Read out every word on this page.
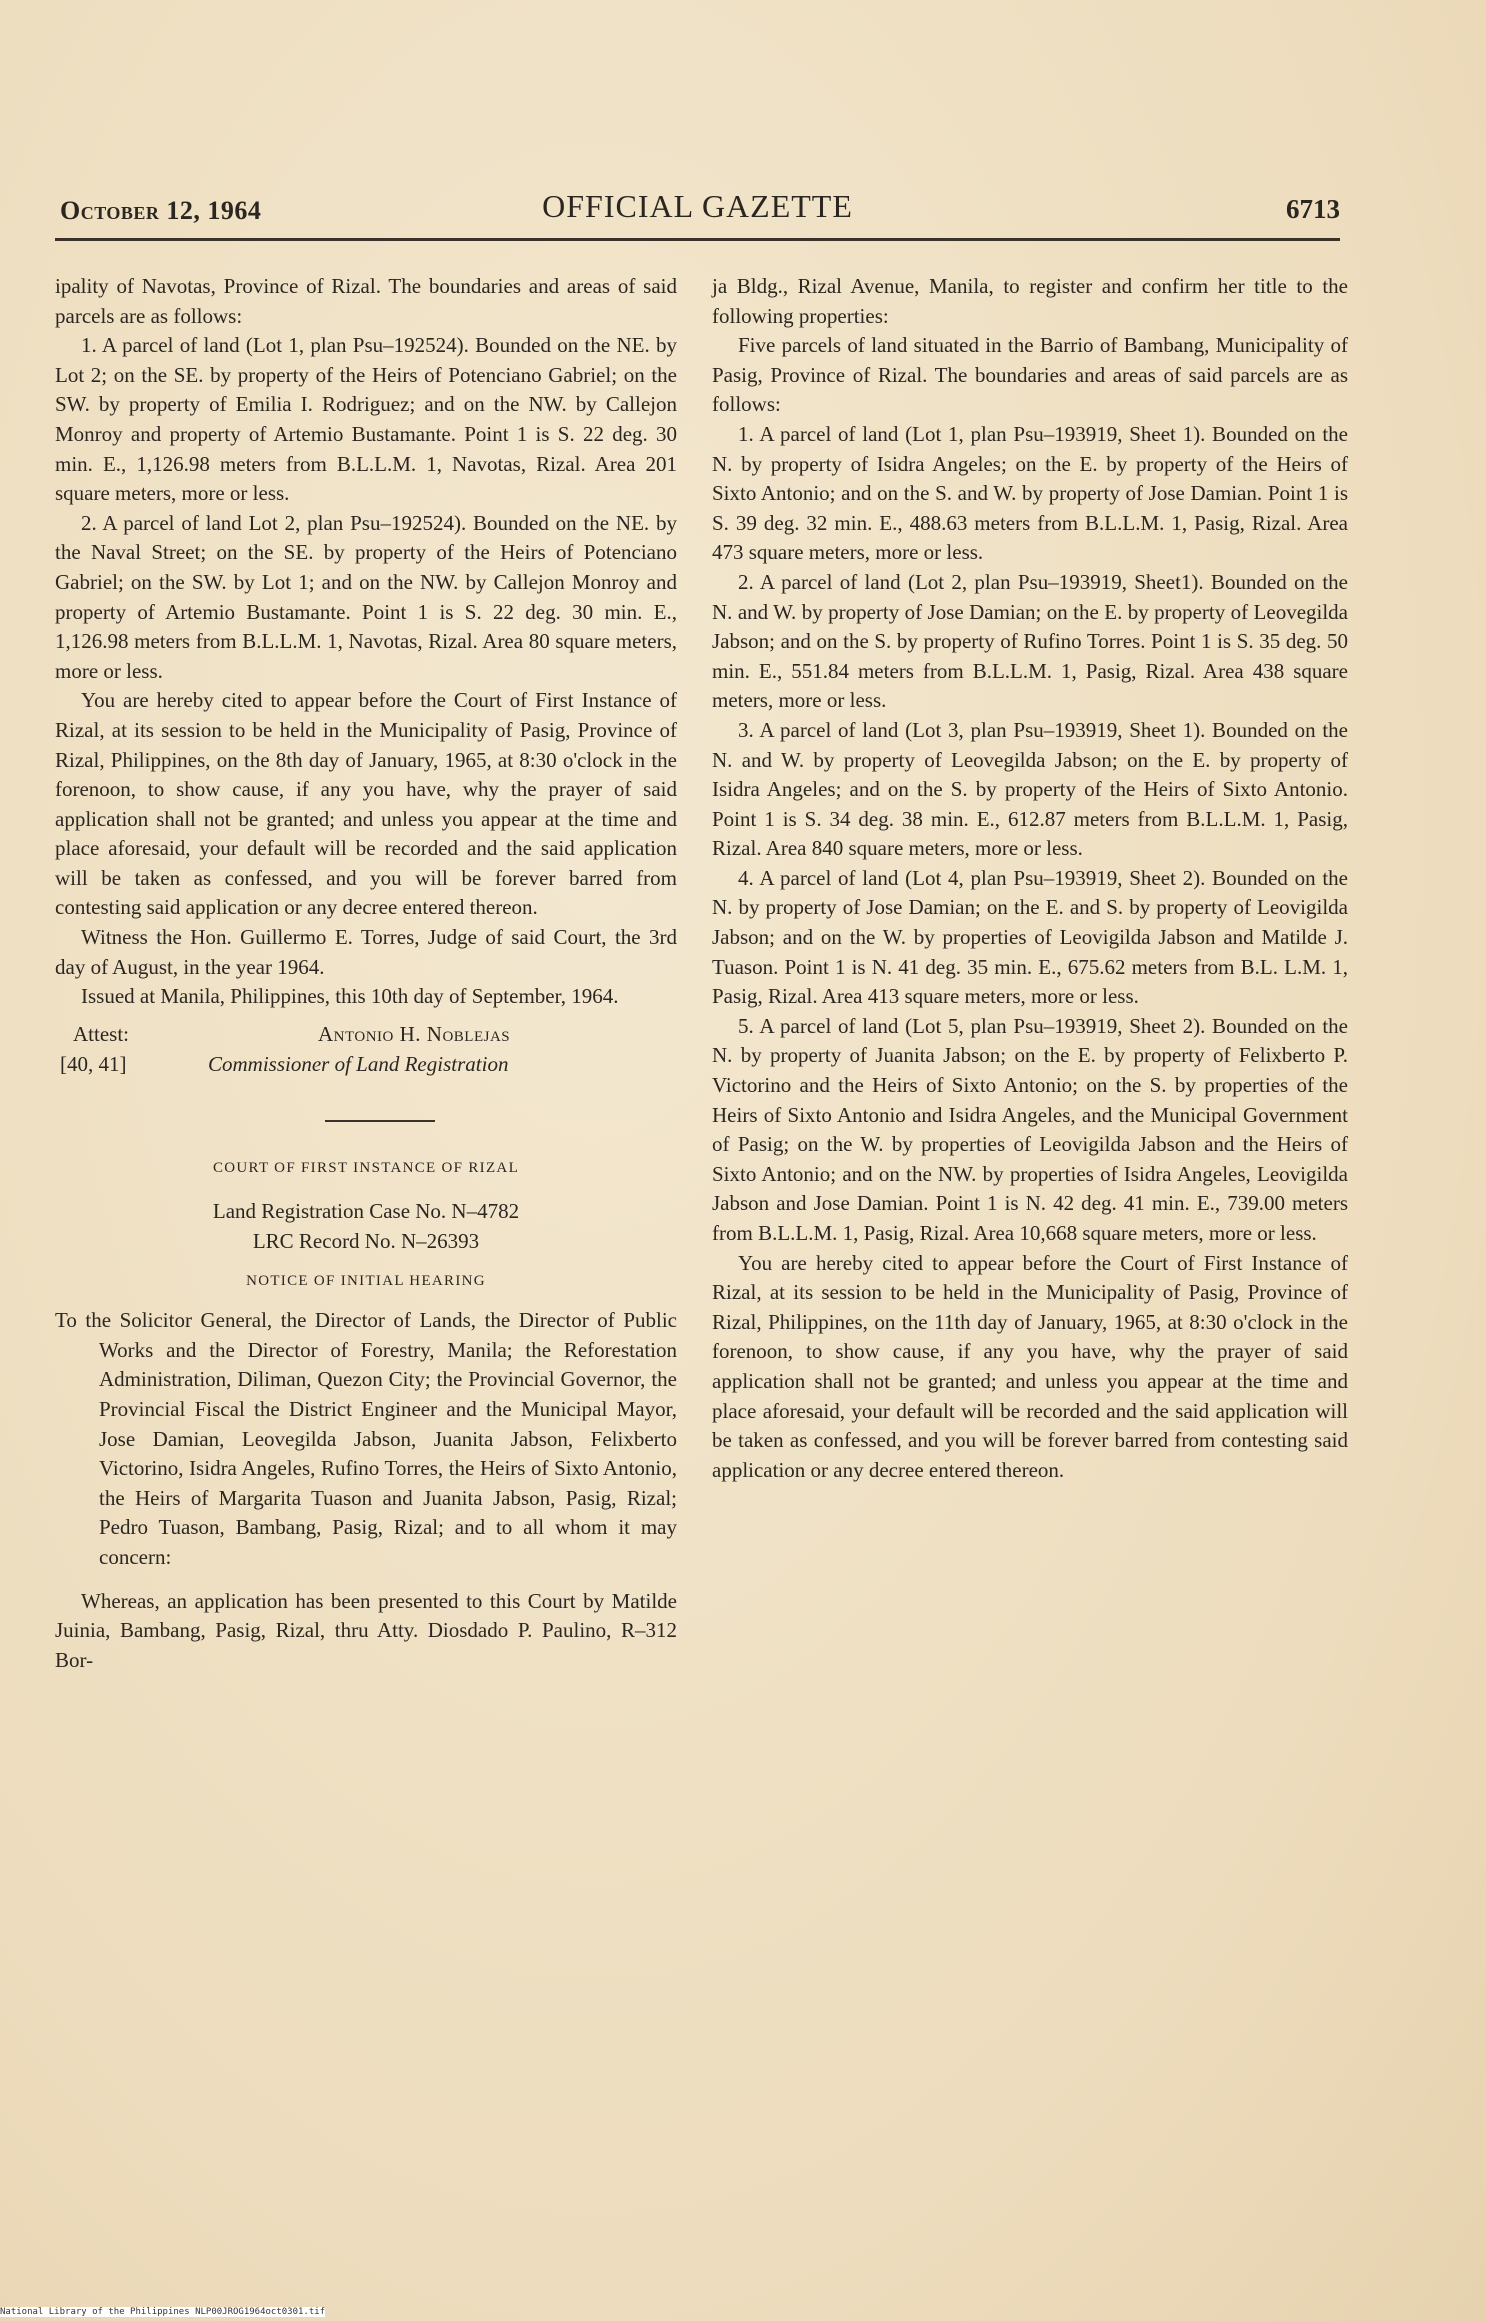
October 12, 1964	OFFICIAL GAZETTE	6713

ipality of Navotas, Province of Rizal. The boundaries and areas of said parcels are as follows:

1. A parcel of land (Lot 1, plan Psu–192524). Bounded on the NE. by Lot 2; on the SE. by property of the Heirs of Potenciano Gabriel; on the SW. by property of Emilia I. Rodriguez; and on the NW. by Callejon Monroy and property of Artemio Bustamante. Point 1 is S. 22 deg. 30 min. E., 1,126.98 meters from B.L.L.M. 1, Navotas, Rizal. Area 201 square meters, more or less.

2. A parcel of land Lot 2, plan Psu–192524). Bounded on the NE. by the Naval Street; on the SE. by property of the Heirs of Potenciano Gabriel; on the SW. by Lot 1; and on the NW. by Callejon Monroy and property of Artemio Bustamante. Point 1 is S. 22 deg. 30 min. E., 1,126.98 meters from B.L.L.M. 1, Navotas, Rizal. Area 80 square meters, more or less.

You are hereby cited to appear before the Court of First Instance of Rizal, at its session to be held in the Municipality of Pasig, Province of Rizal, Philippines, on the 8th day of January, 1965, at 8:30 o'clock in the forenoon, to show cause, if any you have, why the prayer of said application shall not be granted; and unless you appear at the time and place aforesaid, your default will be recorded and the said application will be taken as confessed, and you will be forever barred from contesting said application or any decree entered thereon.

Witness the Hon. Guillermo E. Torres, Judge of said Court, the 3rd day of August, in the year 1964.

Issued at Manila, Philippines, this 10th day of September, 1964.

Attest:	Antonio H. Noblejas
[40, 41]	Commissioner of Land Registration

COURT OF FIRST INSTANCE OF RIZAL

Land Registration Case No. N–4782

LRC Record No. N–26393

NOTICE OF INITIAL HEARING

To the Solicitor General, the Director of Lands, the Director of Public Works and the Director of Forestry, Manila; the Reforestation Administration, Diliman, Quezon City; the Provincial Governor, the Provincial Fiscal the District Engineer and the Municipal Mayor, Jose Damian, Leovegilda Jabson, Juanita Jabson, Felixberto Victorino, Isidra Angeles, Rufino Torres, the Heirs of Sixto Antonio, the Heirs of Margarita Tuason and Juanita Jabson, Pasig, Rizal; Pedro Tuason, Bambang, Pasig, Rizal; and to all whom it may concern:

Whereas, an application has been presented to this Court by Matilde Juinia, Bambang, Pasig, Rizal, thru Atty. Diosdado P. Paulino, R–312 Bor-

ja Bldg., Rizal Avenue, Manila, to register and confirm her title to the following properties:

Five parcels of land situated in the Barrio of Bambang, Municipality of Pasig, Province of Rizal. The boundaries and areas of said parcels are as follows:

1. A parcel of land (Lot 1, plan Psu–193919, Sheet 1). Bounded on the N. by property of Isidra Angeles; on the E. by property of the Heirs of Sixto Antonio; and on the S. and W. by property of Jose Damian. Point 1 is S. 39 deg. 32 min. E., 488.63 meters from B.L.L.M. 1, Pasig, Rizal. Area 473 square meters, more or less.

2. A parcel of land (Lot 2, plan Psu–193919, Sheet1). Bounded on the N. and W. by property of Jose Damian; on the E. by property of Leovegilda Jabson; and on the S. by property of Rufino Torres. Point 1 is S. 35 deg. 50 min. E., 551.84 meters from B.L.L.M. 1, Pasig, Rizal. Area 438 square meters, more or less.

3. A parcel of land (Lot 3, plan Psu–193919, Sheet 1). Bounded on the N. and W. by property of Leovegilda Jabson; on the E. by property of Isidra Angeles; and on the S. by property of the Heirs of Sixto Antonio. Point 1 is S. 34 deg. 38 min. E., 612.87 meters from B.L.L.M. 1, Pasig, Rizal. Area 840 square meters, more or less.

4. A parcel of land (Lot 4, plan Psu–193919, Sheet 2). Bounded on the N. by property of Jose Damian; on the E. and S. by property of Leovigilda Jabson; and on the W. by properties of Leovigilda Jabson and Matilde J. Tuason. Point 1 is N. 41 deg. 35 min. E., 675.62 meters from B.L. L.M. 1, Pasig, Rizal. Area 413 square meters, more or less.

5. A parcel of land (Lot 5, plan Psu–193919, Sheet 2). Bounded on the N. by property of Juanita Jabson; on the E. by property of Felixberto P. Victorino and the Heirs of Sixto Antonio; on the S. by properties of the Heirs of Sixto Antonio and Isidra Angeles, and the Municipal Government of Pasig; on the W. by properties of Leovigilda Jabson and the Heirs of Sixto Antonio; and on the NW. by properties of Isidra Angeles, Leovigilda Jabson and Jose Damian. Point 1 is N. 42 deg. 41 min. E., 739.00 meters from B.L.L.M. 1, Pasig, Rizal. Area 10,668 square meters, more or less.

You are hereby cited to appear before the Court of First Instance of Rizal, at its session to be held in the Municipality of Pasig, Province of Rizal, Philippines, on the 11th day of January, 1965, at 8:30 o'clock in the forenoon, to show cause, if any you have, why the prayer of said application shall not be granted; and unless you appear at the time and place aforesaid, your default will be recorded and the said application will be taken as confessed, and you will be forever barred from contesting said application or any decree entered thereon.

National Library of the Philippines NLP00JROG1964oct0301.tif
